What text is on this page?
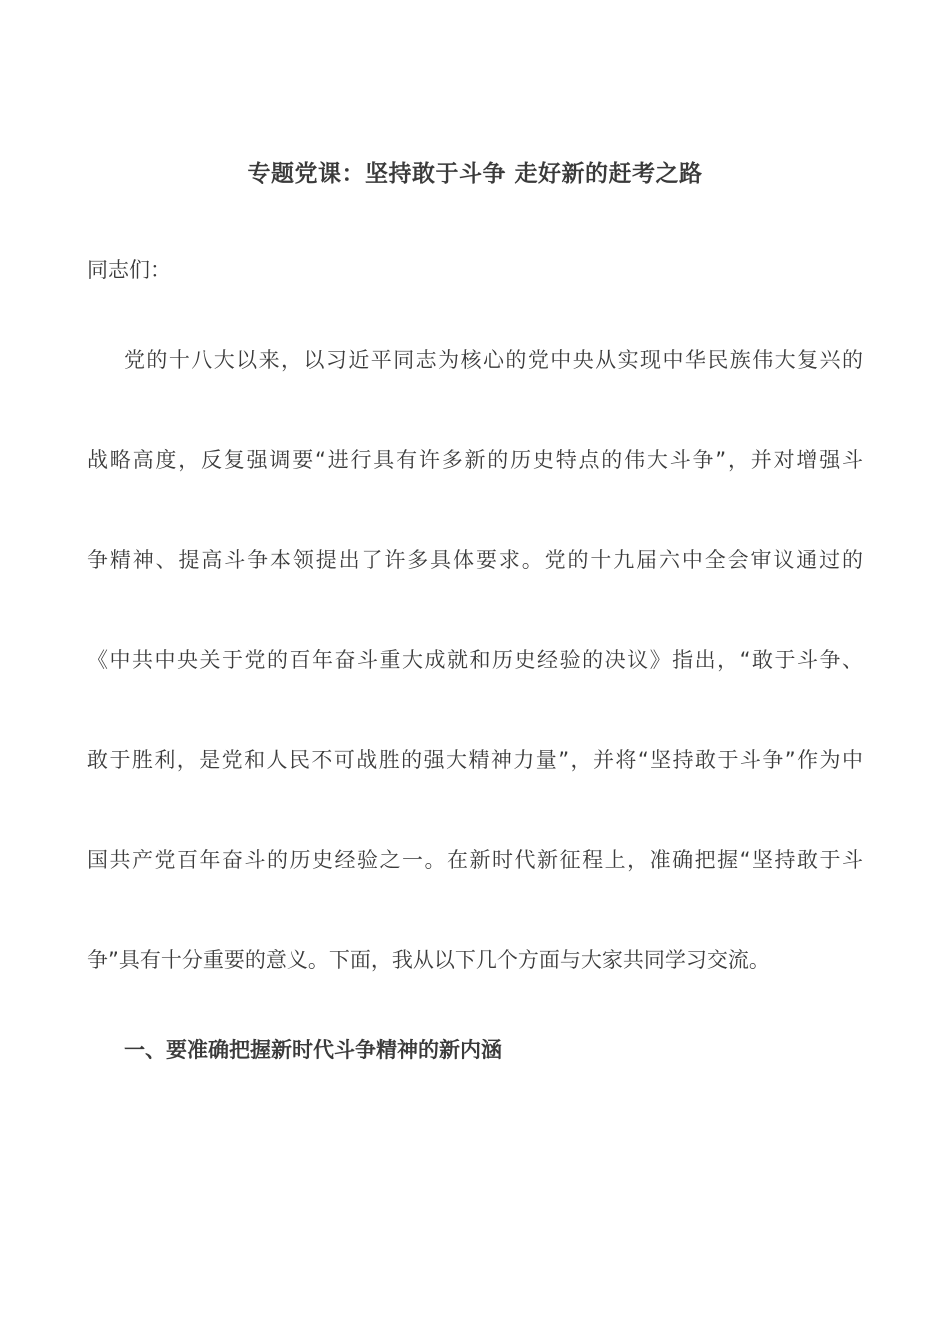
专题党课：坚持敢于斗争 走好新的赶考之路
同志们：
党的十八大以来，以习近平同志为核心的党中央从实现中华民族伟大复兴的
战略高度，反复强调要“进行具有许多新的历史特点的伟大斗争”，并对增强斗
争精神、提高斗争本领提出了许多具体要求。党的十九届六中全会审议通过的
《中共中央关于党的百年奋斗重大成就和历史经验的决议》指出，“敢于斗争、
敢于胜利，是党和人民不可战胜的强大精神力量”，并将“坚持敢于斗争”作为中
国共产党百年奋斗的历史经验之一。在新时代新征程上，准确把握“坚持敢于斗
争”具有十分重要的意义。下面，我从以下几个方面与大家共同学习交流。
一、要准确把握新时代斗争精神的新内涵
